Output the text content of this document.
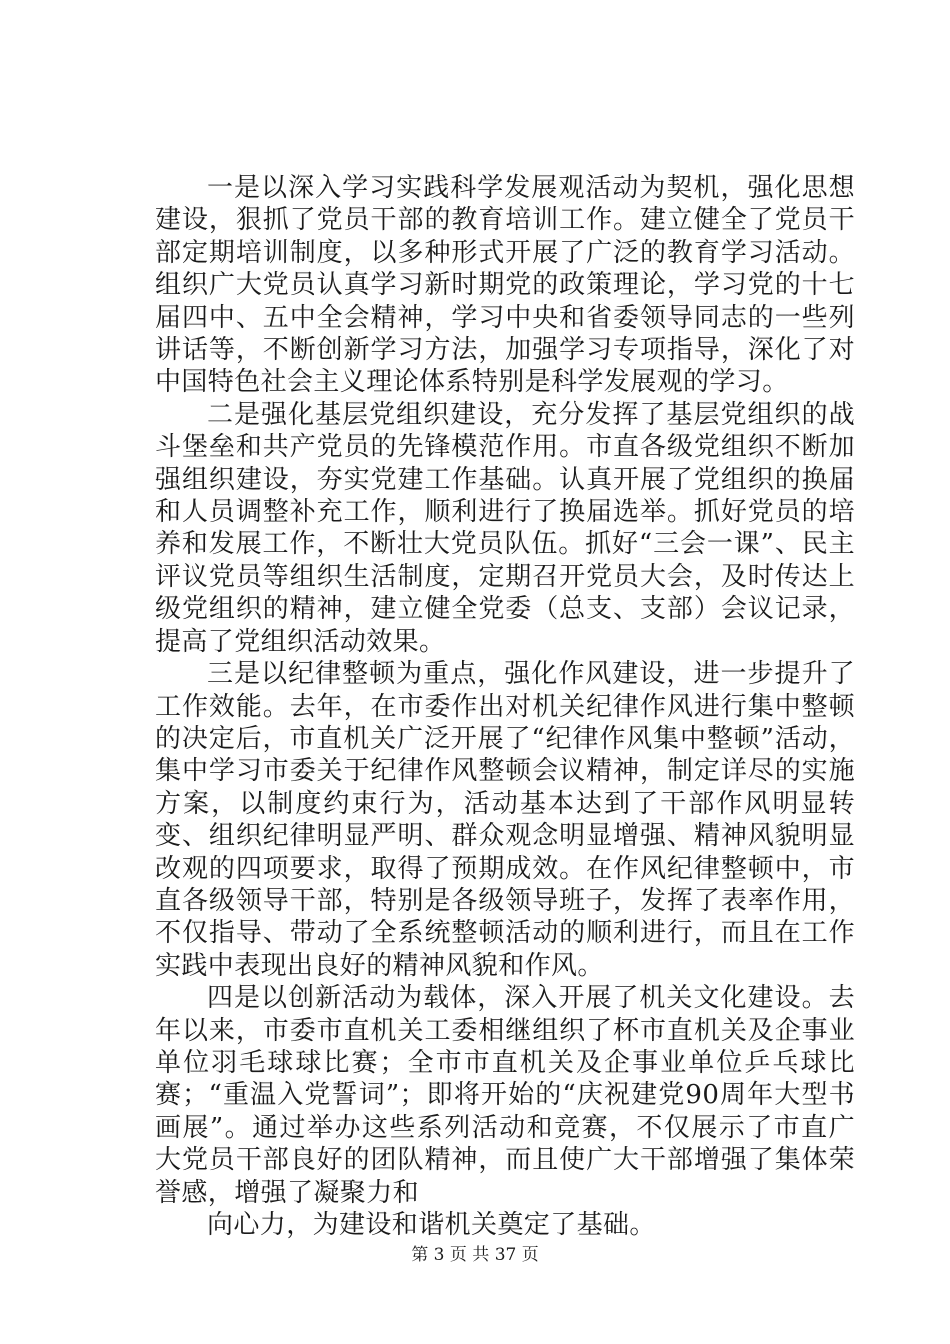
一是以深入学习实践科学发展观活动为契机，强化思想建设，狠抓了党员干部的教育培训工作。建立健全了党员干部定期培训制度，以多种形式开展了广泛的教育学习活动。组织广大党员认真学习新时期党的政策理论，学习党的十七届四中、五中全会精神，学习中央和省委领导同志的一些列讲话等，不断创新学习方法，加强学习专项指导，深化了对中国特色社会主义理论体系特别是科学发展观的学习。

二是强化基层党组织建设，充分发挥了基层党组织的战斗堡垒和共产党员的先锋模范作用。市直各级党组织不断加强组织建设，夯实党建工作基础。认真开展了党组织的换届和人员调整补充工作，顺利进行了换届选举。抓好党员的培养和发展工作，不断壮大党员队伍。抓好“三会一课”、民主评议党员等组织生活制度，定期召开党员大会，及时传达上级党组织的精神，建立健全党委（总支、支部）会议记录，提高了党组织活动效果。

三是以纪律整顿为重点，强化作风建设，进一步提升了工作效能。去年，在市委作出对机关纪律作风进行集中整顿的决定后，市直机关广泛开展了“纪律作风集中整顿”活动，集中学习市委关于纪律作风整顿会议精神，制定详尽的实施方案，以制度约束行为，活动基本达到了干部作风明显转变、组织纪律明显严明、群众观念明显增强、精神风貌明显改观的四项要求，取得了预期成效。在作风纪律整顿中，市直各级领导干部，特别是各级领导班子，发挥了表率作用，不仅指导、带动了全系统整顿活动的顺利进行，而且在工作实践中表现出良好的精神风貌和作风。

四是以创新活动为载体，深入开展了机关文化建设。去年以来，市委市直机关工委相继组织了杯市直机关及企事业单位羽毛球球比赛；全市市直机关及企事业单位乒乓球比赛；“重温入党誓词”；即将开始的“庆祝建党90周年大型书画展”。通过举办这些系列活动和竞赛，不仅展示了市直广大党员干部良好的团队精神，而且使广大干部增强了集体荣誉感，增强了凝聚力和

向心力，为建设和谐机关奠定了基础。

第 3 页 共 37 页
